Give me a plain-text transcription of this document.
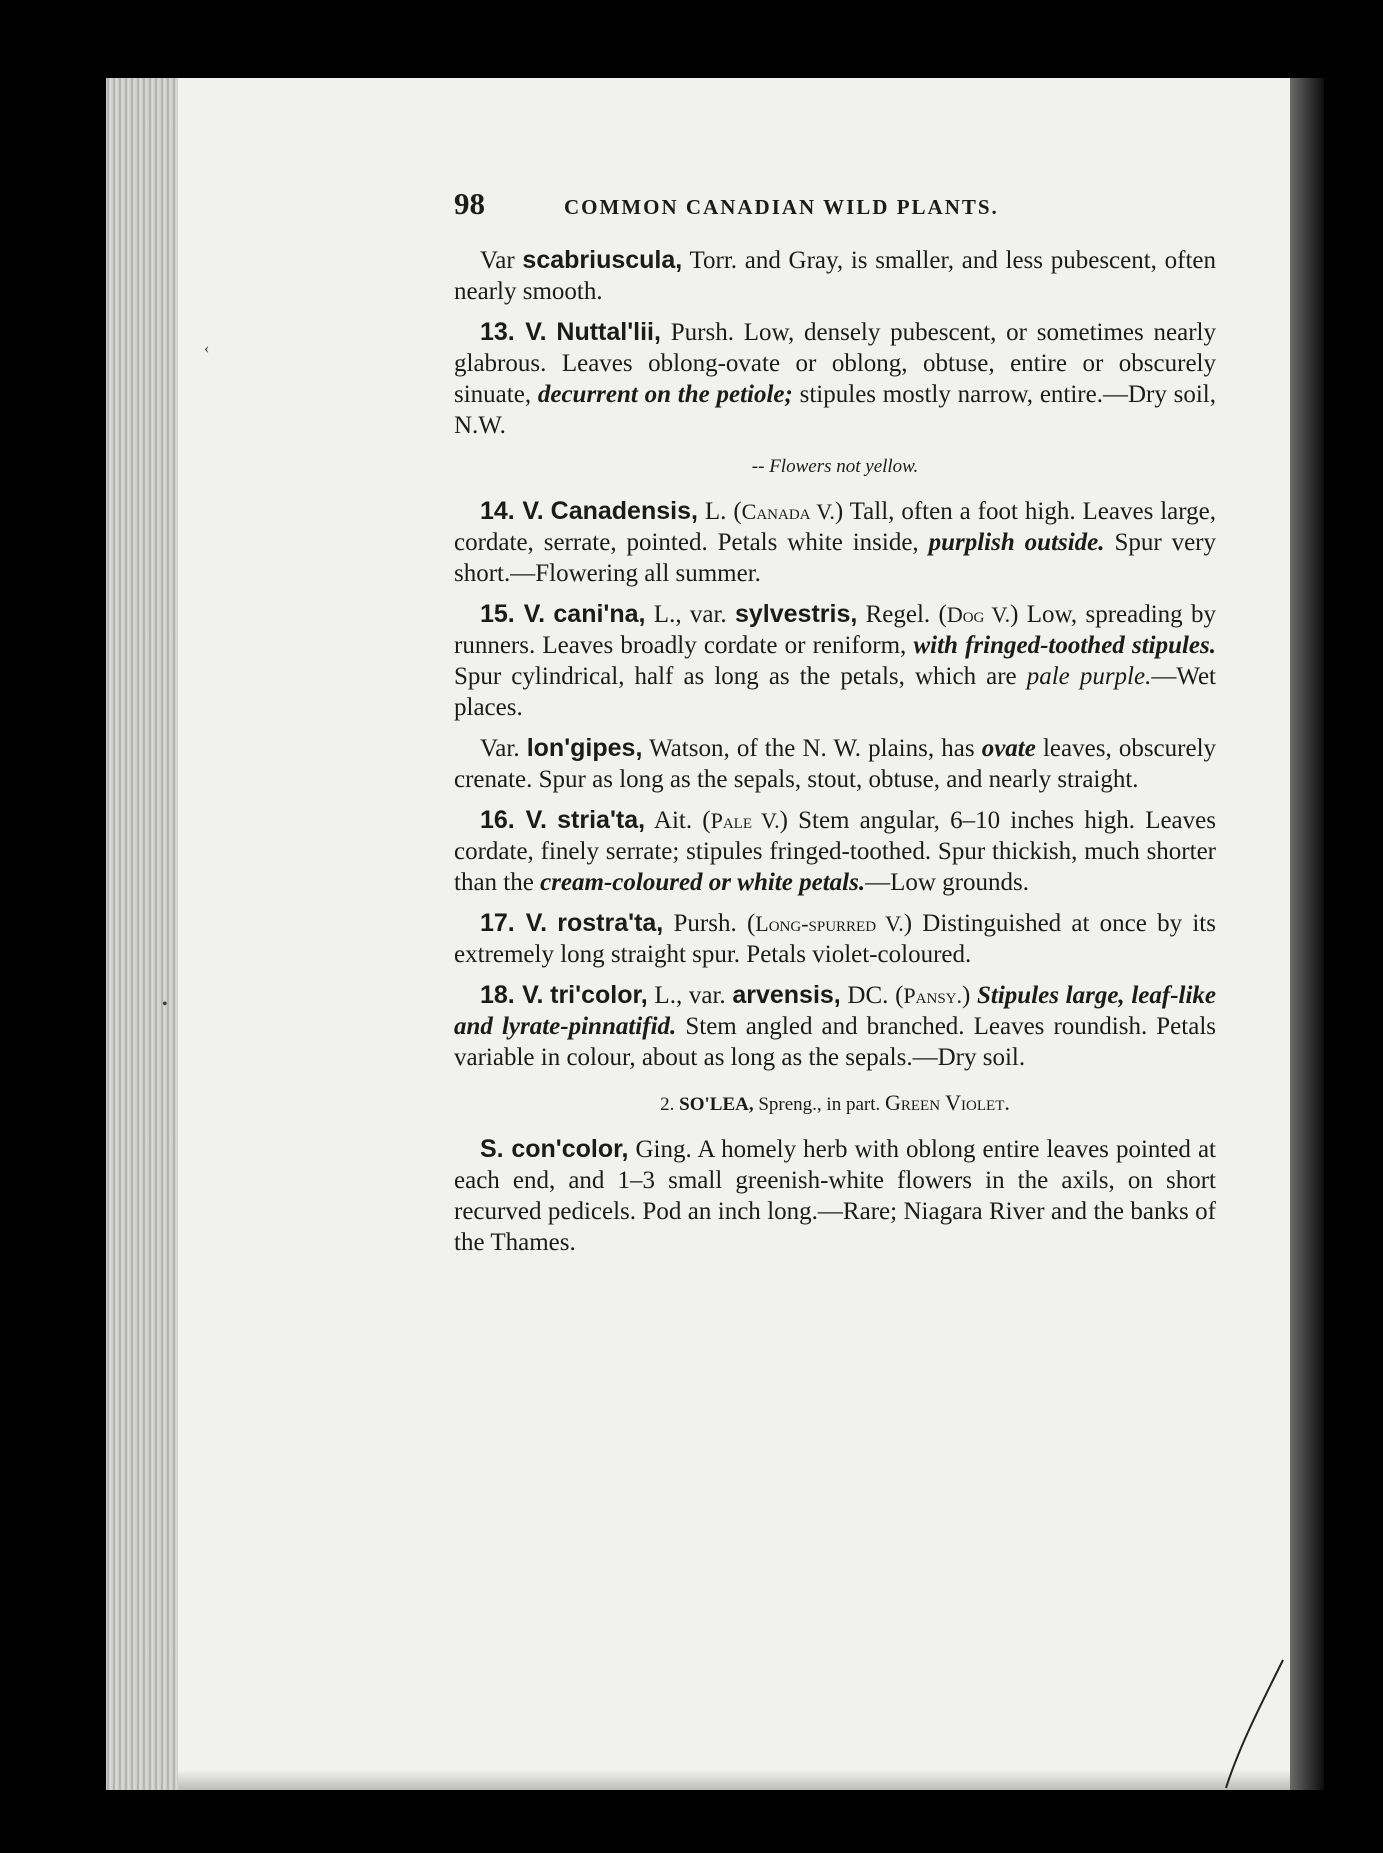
‹
•
98	COMMON CANADIAN WILD PLANTS.

Var scabriuscula, Torr. and Gray, is smaller, and less pubescent, often nearly smooth.

13. V. Nuttal'lii, Pursh. Low, densely pubescent, or sometimes nearly glabrous. Leaves oblong-ovate or oblong, obtuse, entire or obscurely sinuate, decurrent on the petiole; stipules mostly narrow, entire.—Dry soil, N.W.

-- Flowers not yellow.

14. V. Canadensis, L. (Canada V.) Tall, often a foot high. Leaves large, cordate, serrate, pointed. Petals white inside, purplish outside. Spur very short.—Flowering all summer.

15. V. cani'na, L., var. sylvestris, Regel. (Dog V.) Low, spreading by runners. Leaves broadly cordate or reniform, with fringed-toothed stipules. Spur cylindrical, half as long as the petals, which are pale purple.—Wet places.

Var. lon'gipes, Watson, of the N. W. plains, has ovate leaves, obscurely crenate. Spur as long as the sepals, stout, obtuse, and nearly straight.

16. V. stria'ta, Ait. (Pale V.) Stem angular, 6–10 inches high. Leaves cordate, finely serrate; stipules fringed-toothed. Spur thickish, much shorter than the cream-coloured or white petals.—Low grounds.

17. V. rostra'ta, Pursh. (Long-spurred V.) Distinguished at once by its extremely long straight spur. Petals violet-coloured.

18. V. tri'color, L., var. arvensis, DC. (Pansy.) Stipules large, leaf-like and lyrate-pinnatifid. Stem angled and branched. Leaves roundish. Petals variable in colour, about as long as the sepals.—Dry soil.

2. SO'LEA, Spreng., in part. Green Violet.

S. con'color, Ging. A homely herb with oblong entire leaves pointed at each end, and 1–3 small greenish-white flowers in the axils, on short recurved pedicels. Pod an inch long.—Rare; Niagara River and the banks of the Thames.
